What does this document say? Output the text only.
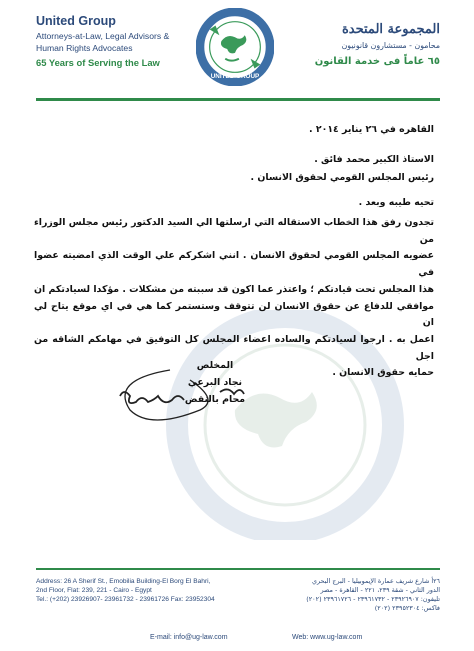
United Group
Attorneys-at-Law, Legal Advisors &
Human Rights Advocates
65 Years of Serving the Law
UNITED GROUP
المجموعة المتحدة
محامون - مستشارون قانونيون
٦٥ عاماً فى خدمة القانون
القاهره في ٢٦ يناير ٢٠١٤ .
الاستاذ الكبير محمد فائق .
رئيس المجلس القومي لحقوق الانسان .
تحيه طيبه وبعد .
تجدون رفق هذا الخطاب الاستقاله التي ارسلتها الي السيد الدكتور رئيس مجلس الوزراء من
عضويه المجلس القومي لحقوق الانسان . انني اشكركم علي الوقت الذي امضيته عضوا في
هذا المجلس تحت قيادتكم ؛ واعتذر عما اكون قد سببته من مشكلات . مؤكدا لسيادتكم ان
موافقي للدفاع عن حقوق الانسان لن تتوقف وستستمر كما هي في اي موقع يتاح لي ان
اعمل به . ارجوا لسيادتكم والساده اعضاء المجلس كل التوفيق في مهامكم الشاقه من اجل
حمايه حقوق الانسان .
المخلص
نجاد البرعي
محام بالنقض
Address: 26 A Sherif St., Emobilia Building-El Borg El Bahri,
2nd Floor, Flat: 239, 221 - Cairo - Egypt
Tel.: (+202) 23926907- 23961732 - 23961726 Fax: 23952304
٢٦أ شارع شريف عمارة الإيموبيليا - البرج البحري
الدور الثاني - شقة ٢٣٩، ٢٢١ - القاهرة - مصر
تليفون: ٢٣٩٢٦٩٠٧ - ٢٣٩٦١٧٣٢ - ٢٣٩٦١٧٢٦ (٢٠٢)
فاكس: ٢٣٩٥٢٣٠٤ (٢٠٢)
E-mail: info@ug-law.com	Web: www.ug-law.com
